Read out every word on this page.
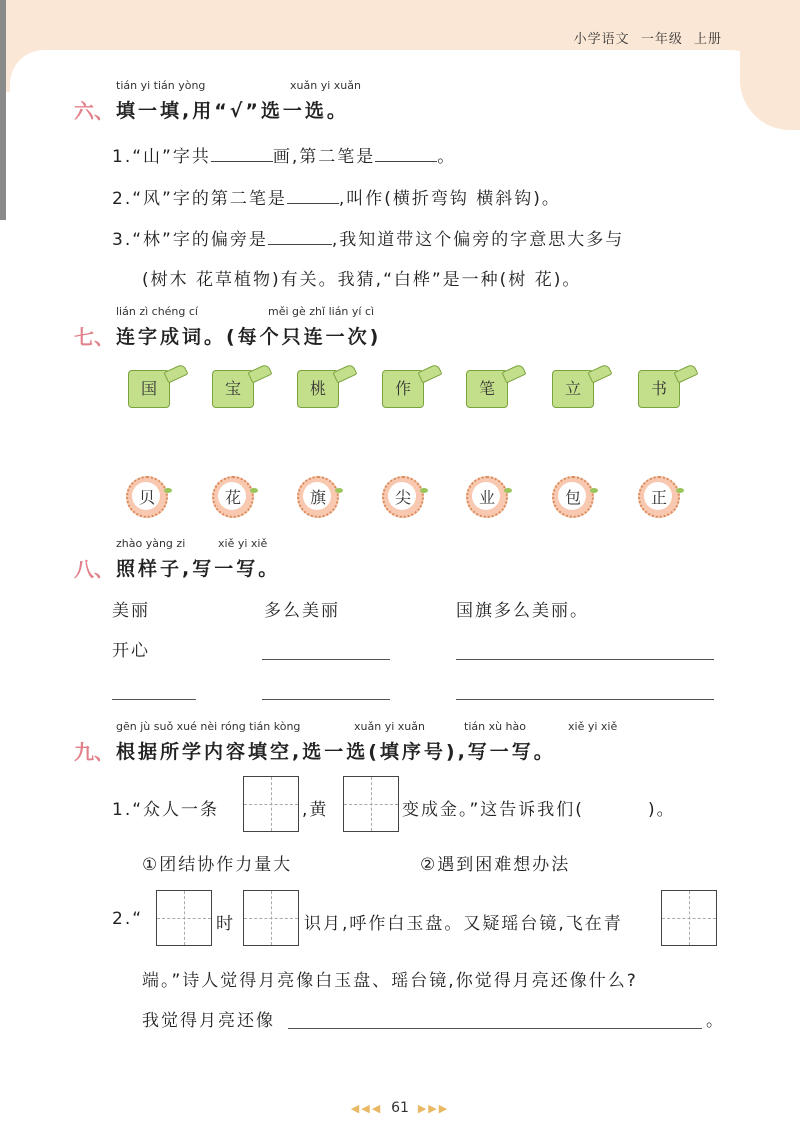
小学语文 一年级 上册
tián yi tián yòng	xuǎn yi xuǎn
六、 填一填,用“√”选一选。
1.“山”字共	画,第二笔是	。
2.“风”字的第二笔是	,叫作(横折弯钩 横斜钩)。
3.“林”字的偏旁是	,我知道带这个偏旁的字意思大多与
(树木 花草植物)有关。我猜,“白桦”是一种(树 花)。
lián zì chéng cí	měi gè zhǐ lián yí cì
七、 连字成词。(每个只连一次)
国	宝	桃	作	笔	立	书
贝	花	旗	尖	业	包	正
zhào yàng zi	xiě yi xiě
八、 照样子,写一写。
美丽	多么美丽	国旗多么美丽。
开心
gēn jù suǒ xué nèi róng tián kòng	xuǎn yi xuǎn	tián xù hào	xiě yi xiě
九、 根据所学内容填空,选一选(填序号),写一写。
1.“众人一条	,黄	变成金。”这告诉我们(	)。
①团结协作力量大	②遇到困难想办法
2.“	时	识月,呼作白玉盘。又疑瑶台镜,飞在青
端。”诗人觉得月亮像白玉盘、瑶台镜,你觉得月亮还像什么?
我觉得月亮还像	。
◀◀◀ 61 ▶▶▶
